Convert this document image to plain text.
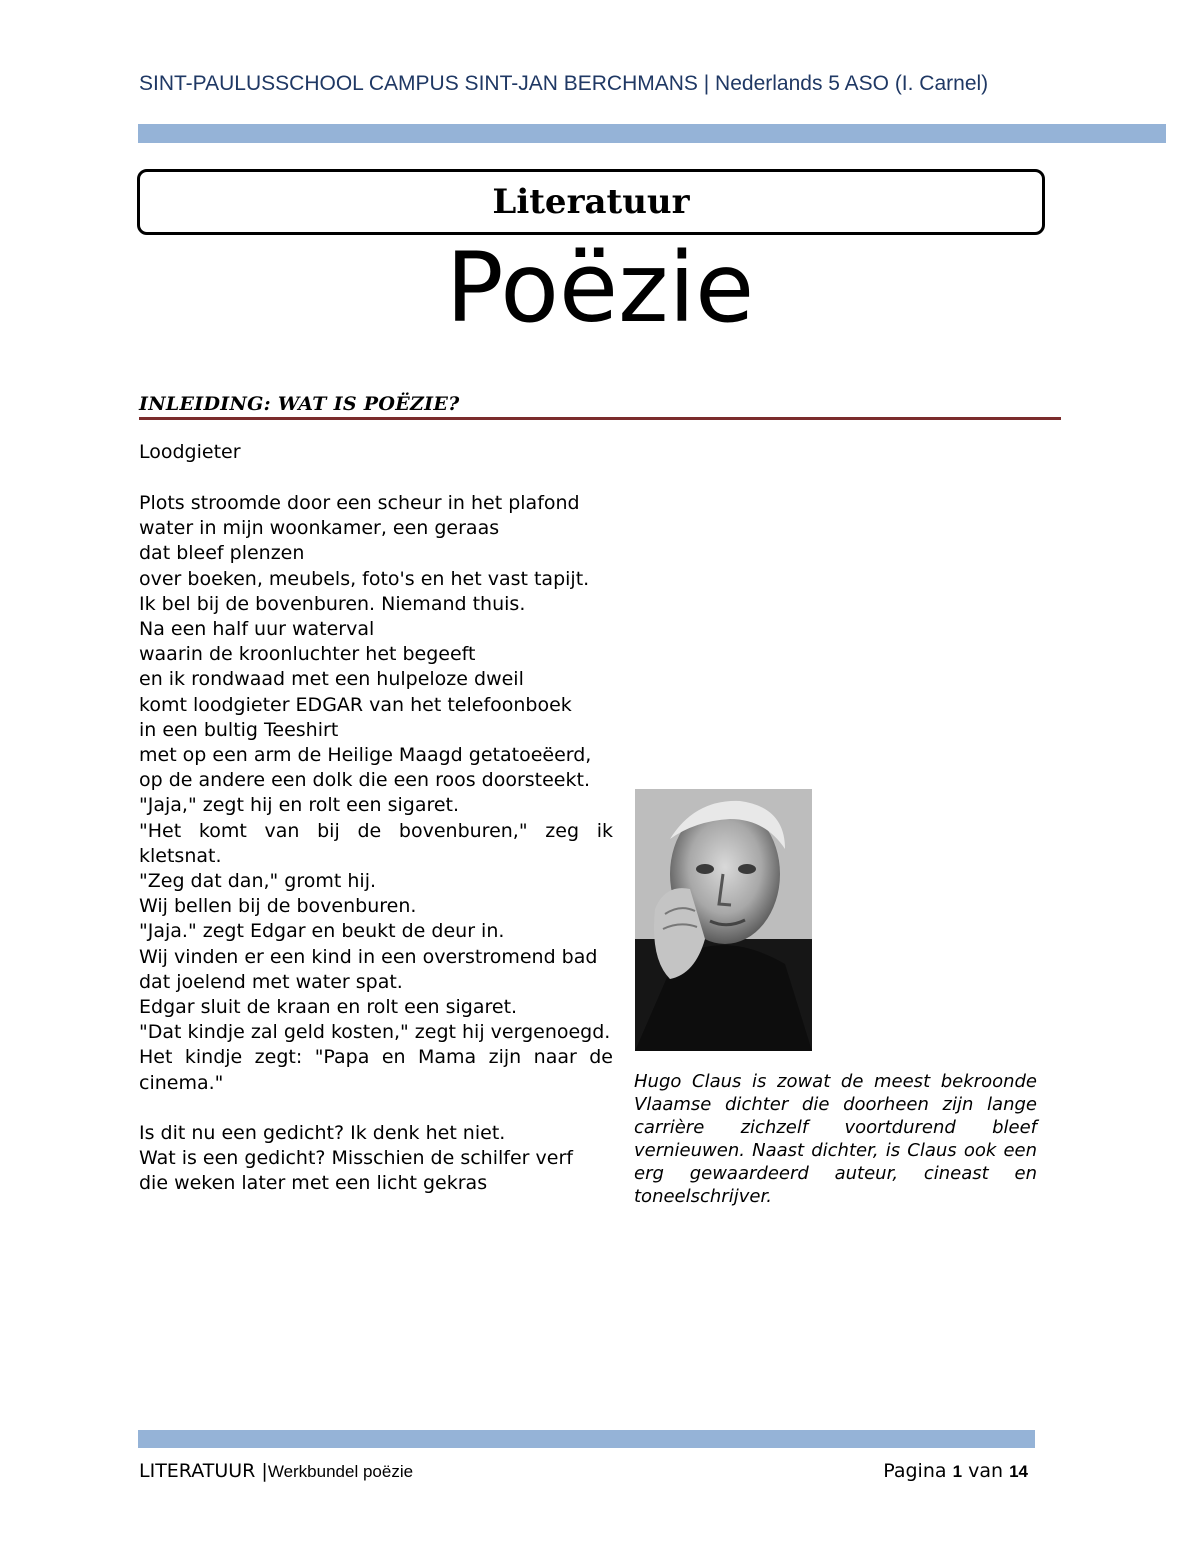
SINT-PAULUSSCHOOL CAMPUS SINT-JAN BERCHMANS | Nederlands 5 ASO (I. Carnel)
Literatuur
Poëzie
INLEIDING: WAT IS POËZIE?
Loodgieter
Plots stroomde door een scheur in het plafond
water in mijn woonkamer, een geraas
dat bleef plenzen
over boeken, meubels, foto's en het vast tapijt.
Ik bel bij de bovenburen. Niemand thuis.
Na een half uur waterval
waarin de kroonluchter het begeeft
en ik rondwaad met een hulpeloze dweil
komt loodgieter EDGAR van het telefoonboek
in een bultig Teeshirt
met op een arm de Heilige Maagd getatoeëerd,
op de andere een dolk die een roos doorsteekt.
"Jaja," zegt hij en rolt een sigaret.
"Het komt van bij de bovenburen," zeg ik kletsnat.
"Zeg dat dan," gromt hij.
Wij bellen bij de bovenburen.
"Jaja." zegt Edgar en beukt de deur in.
Wij vinden er een kind in een overstromend bad
dat joelend met water spat.
Edgar sluit de kraan en rolt een sigaret.
"Dat kindje zal geld kosten," zegt hij vergenoegd.
Het kindje zegt: "Papa en Mama zijn naar de cinema."
Is dit nu een gedicht? Ik denk het niet.
Wat is een gedicht? Misschien de schilfer verf
die weken later met een licht gekras
Hugo Claus is zowat de meest bekroonde Vlaamse dichter die doorheen zijn lange carrière zichzelf voortdurend bleef vernieuwen. Naast dichter, is Claus ook een erg gewaardeerd auteur, cineast en toneelschrijver.
LITERATUUR |Werkbundel poëzie	Pagina 1 van 14
